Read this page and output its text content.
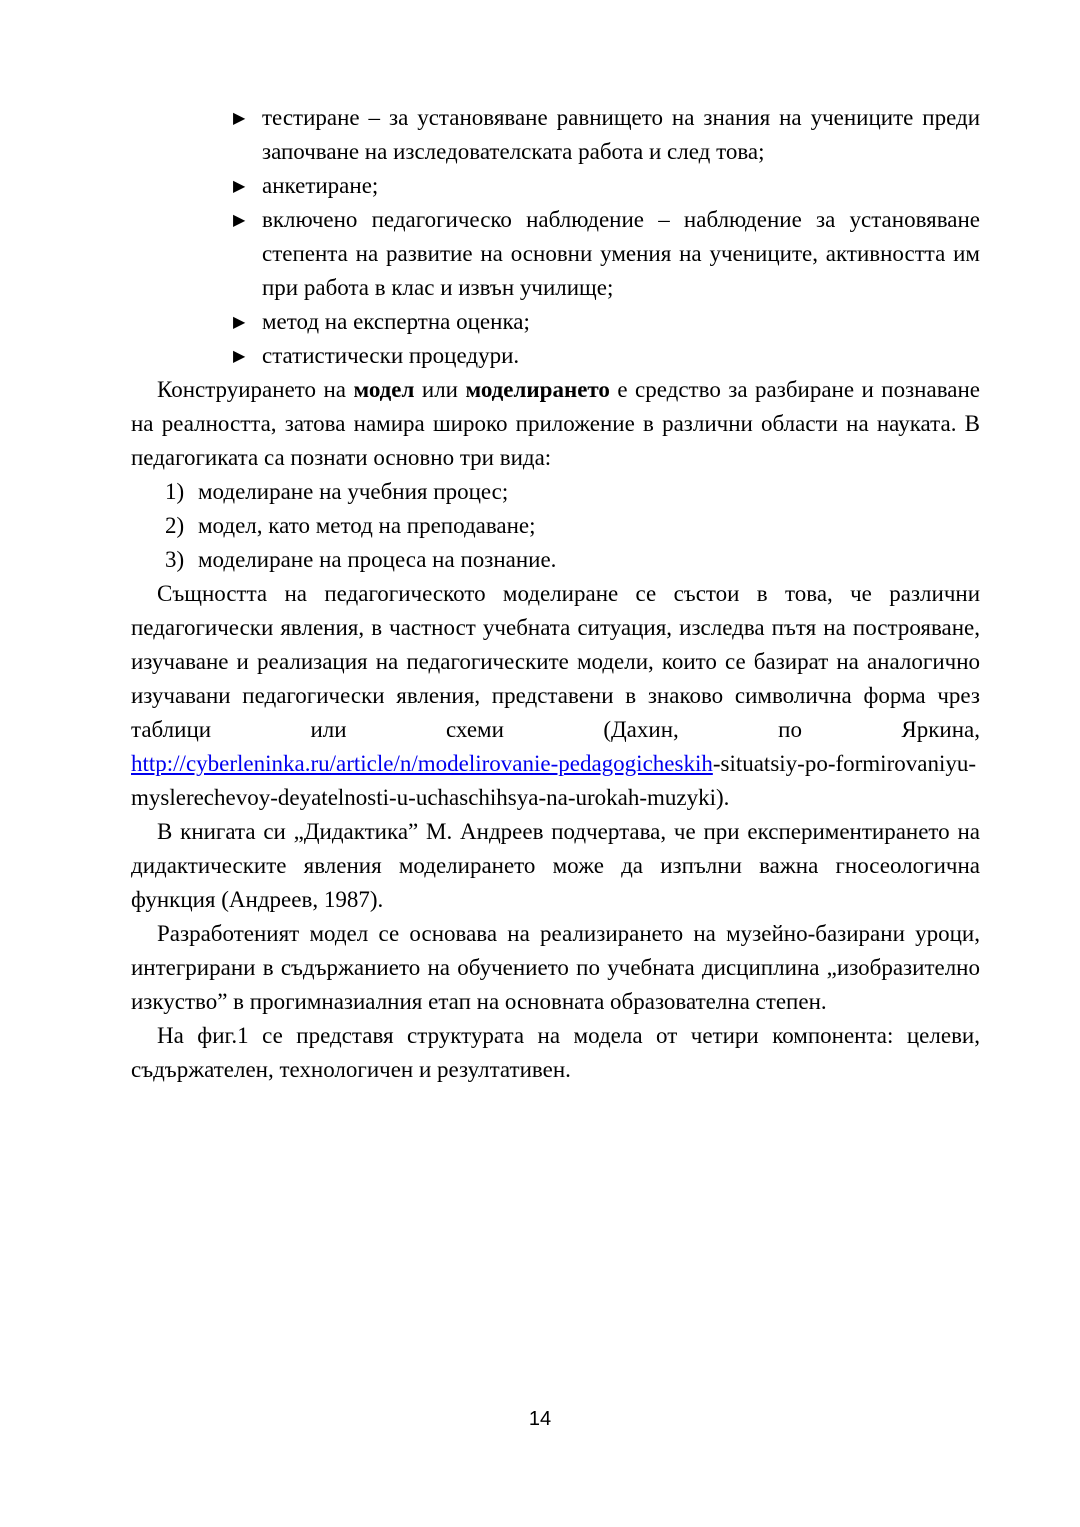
▶ тестиране – за установяване равнището на знания на учениците преди започване на изследователската работа и след това;
▶ анкетиране;
▶ включено педагогическо наблюдение – наблюдение за установяване степента на развитие на основни умения на учениците, активността им при работа в клас и извън училище;
▶ метод на експертна оценка;
▶ статистически процедури.

Конструирането на модел или моделирането е средство за разбиране и познаване на реалността, затова намира широко приложение в различни области на науката. В педагогиката са познати основно три вида:

1) моделиране на учебния процес;
2) модел, като метод на преподаване;
3) моделиране на процеса на познание.

Същността на педагогическото моделиране се състои в това, че различни педагогически явления, в частност учебната ситуация, изследва пътя на построяване, изучаване и реализация на педагогическите модели, които се базират на аналогично изучавани педагогически явления, представени в знаково символична форма чрез таблици или схеми (Дахин, по Яркина, http://cyberleninka.ru/article/n/modelirovanie-pedagogicheskih-situatsiy-po-formirovaniyu-myslerechevoy-deyatelnosti-u-uchaschihsya-na-urokah-muzyki).

В книгата си „Дидактика” М. Андреев подчертава, че при експериментирането на дидактическите явления моделирането може да изпълни важна гносеологична функция (Андреев, 1987).

Разработеният модел се основава на реализирането на музейно-базирани уроци, интегрирани в съдържанието на обучението по учебната дисциплина „изобразително изкуство” в прогимназиалния етап на основната образователна степен.

На фиг.1 се представя структурата на модела от четири компонента: целеви, съдържателен, технологичен и резултативен.

14
